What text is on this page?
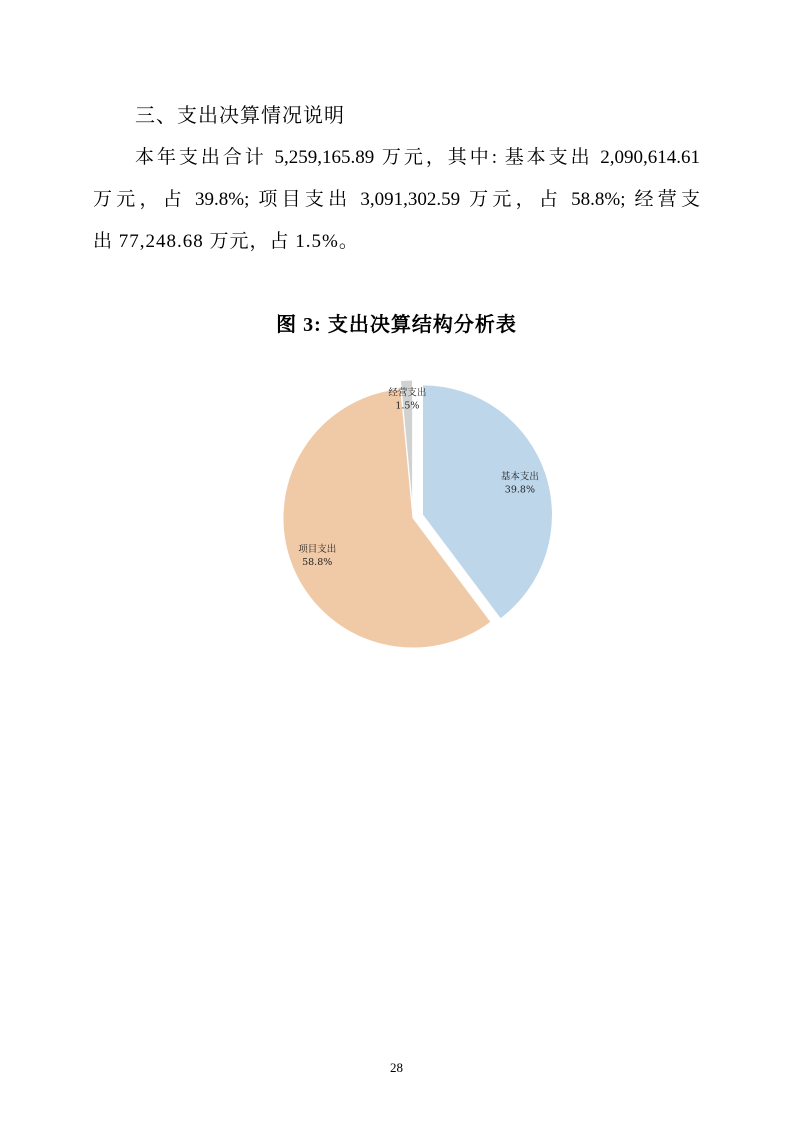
三、支出决算情况说明
本年支出合计 5,259,165.89 万元，其中: 基本支出 2,090,614.61
万元，占 39.8%; 项目支出 3,091,302.59 万元，占 58.8%; 经营支
出 77,248.68 万元，占 1.5%。
图 3: 支出决算结构分析表
基本支出
39.8%
项目支出
58.8%
经营支出
1.5%
28
